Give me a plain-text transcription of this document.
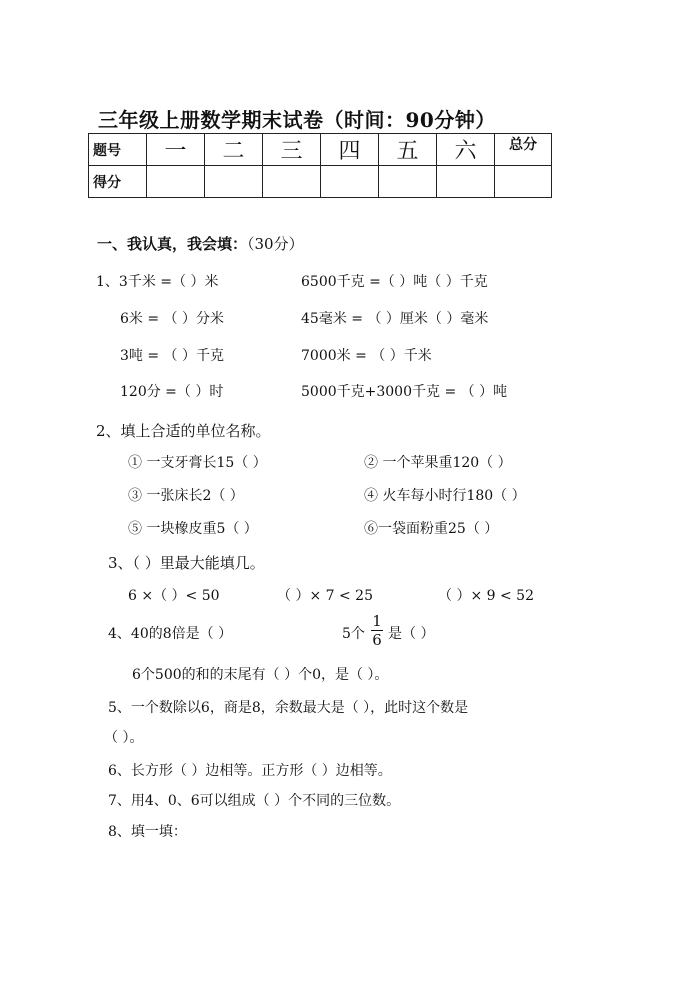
三年级上册数学期末试卷（时间：90分钟）
题号	一	二	三	四	五	六	总分
得分							
一、我认真，我会填：（30分）
1、3千米 =（ ）米	6500千克 =（ ）吨（ ）千克
6米 = （ ）分米	45毫米 = （ ）厘米（ ）毫米
3吨 = （ ）千克	7000米 = （ ）千米
120分 =（ ）时	5000千克+3000千克 = （ ）吨
2、填上合适的单位名称。
① 一支牙膏长15（ ）	② 一个苹果重120（ ）
③ 一张床长2（ ）	④ 火车每小时行180（ ）
⑤ 一块橡皮重5（ ）	⑥一袋面粉重25（ ）
3、（ ）里最大能填几。
6 ×（ ）< 50	（ ）× 7 < 25	（ ）× 9 < 52
4、40的8倍是（ ）	5个
1
6 是（ ）
6个500的和的末尾有（ ）个0，是（ ）。
5、一个数除以6，商是8，余数最大是（ ），此时这个数是
（ ）。
6、长方形（ ）边相等。正方形（ ）边相等。
7、用4、0、6可以组成（ ）个不同的三位数。
8、填一填：
